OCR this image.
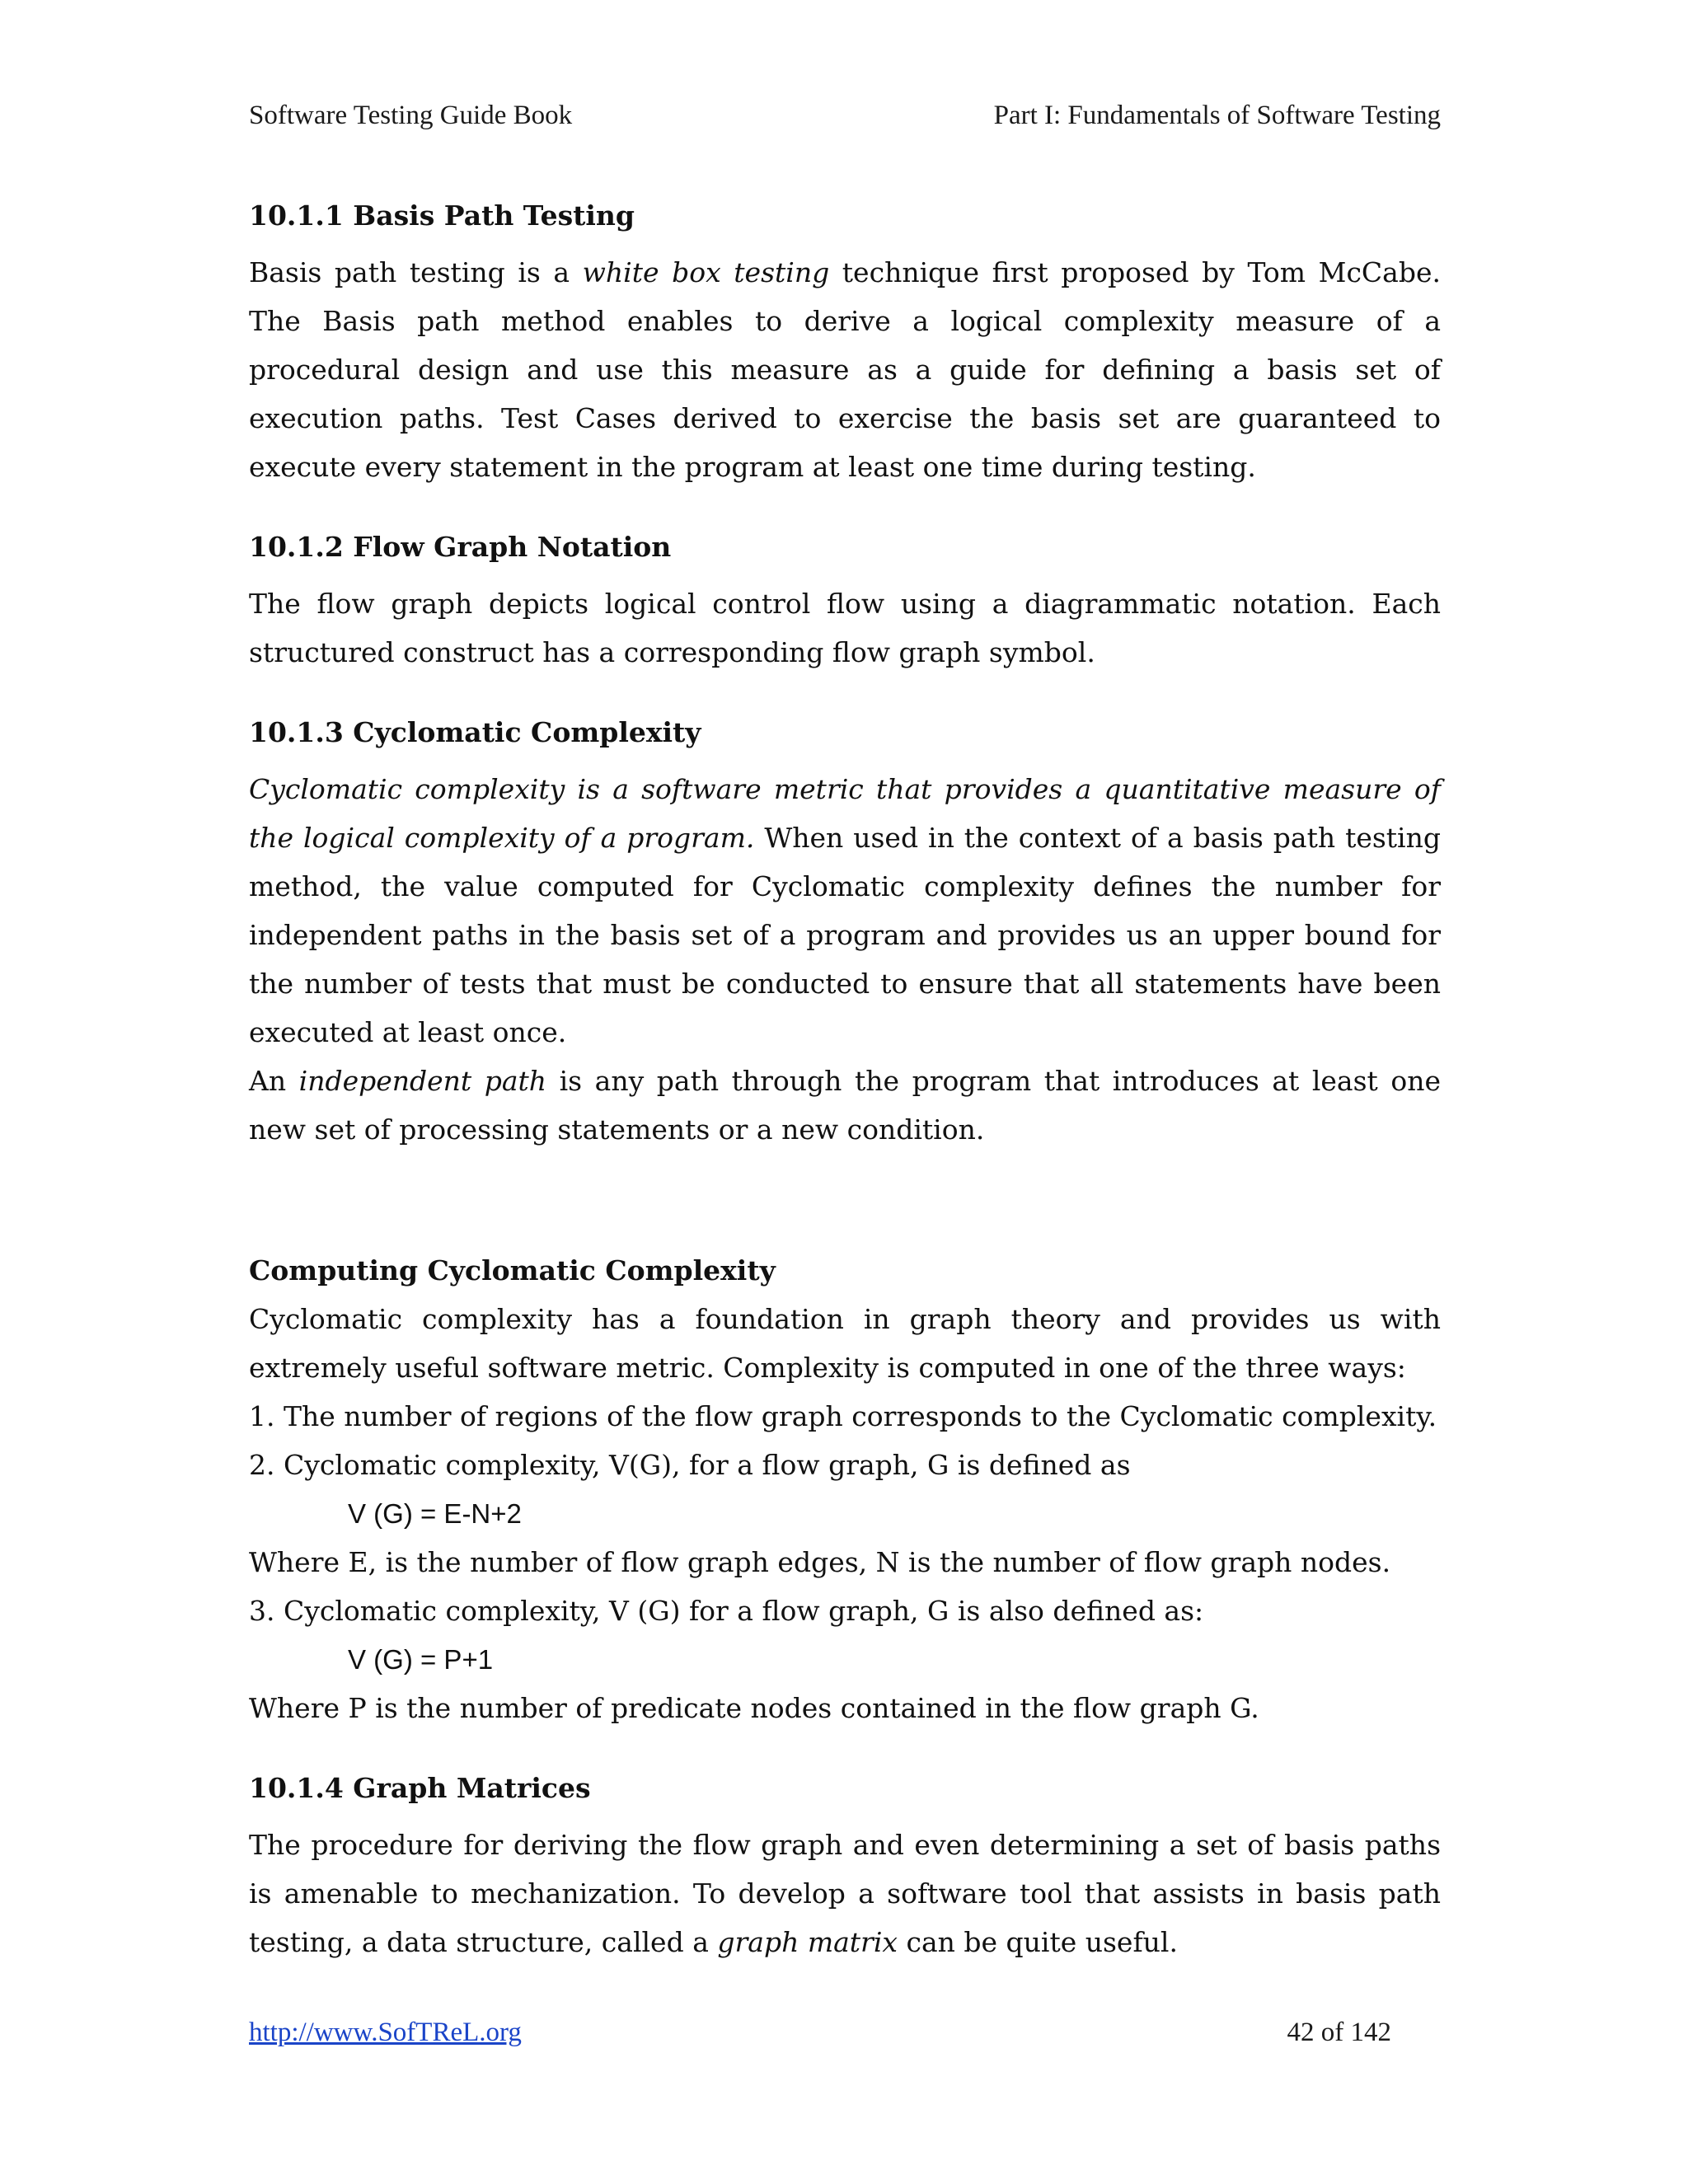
Software Testing Guide Book	Part I: Fundamentals of Software Testing
10.1.1 Basis Path Testing

Basis path testing is a white box testing technique first proposed by Tom McCabe. The Basis path method enables to derive a logical complexity measure of a procedural design and use this measure as a guide for defining a basis set of execution paths. Test Cases derived to exercise the basis set are guaranteed to execute every statement in the program at least one time during testing.

10.1.2 Flow Graph Notation

The flow graph depicts logical control flow using a diagrammatic notation. Each structured construct has a corresponding flow graph symbol.

10.1.3 Cyclomatic Complexity

Cyclomatic complexity is a software metric that provides a quantitative measure of the logical complexity of a program. When used in the context of a basis path testing method, the value computed for Cyclomatic complexity defines the number for independent paths in the basis set of a program and provides us an upper bound for the number of tests that must be conducted to ensure that all statements have been executed at least once.

An independent path is any path through the program that introduces at least one new set of processing statements or a new condition.

Computing Cyclomatic Complexity

Cyclomatic complexity has a foundation in graph theory and provides us with extremely useful software metric. Complexity is computed in one of the three ways:

1. The number of regions of the flow graph corresponds to the Cyclomatic complexity.

2. Cyclomatic complexity, V(G), for a flow graph, G is defined as

V (G) = E-N+2

Where E, is the number of flow graph edges, N is the number of flow graph nodes.

3. Cyclomatic complexity, V (G) for a flow graph, G is also defined as:

V (G) = P+1

Where P is the number of predicate nodes contained in the flow graph G.

10.1.4 Graph Matrices

The procedure for deriving the flow graph and even determining a set of basis paths is amenable to mechanization. To develop a software tool that assists in basis path testing, a data structure, called a graph matrix can be quite useful.

http://www.SofTReL.org	42 of 142
